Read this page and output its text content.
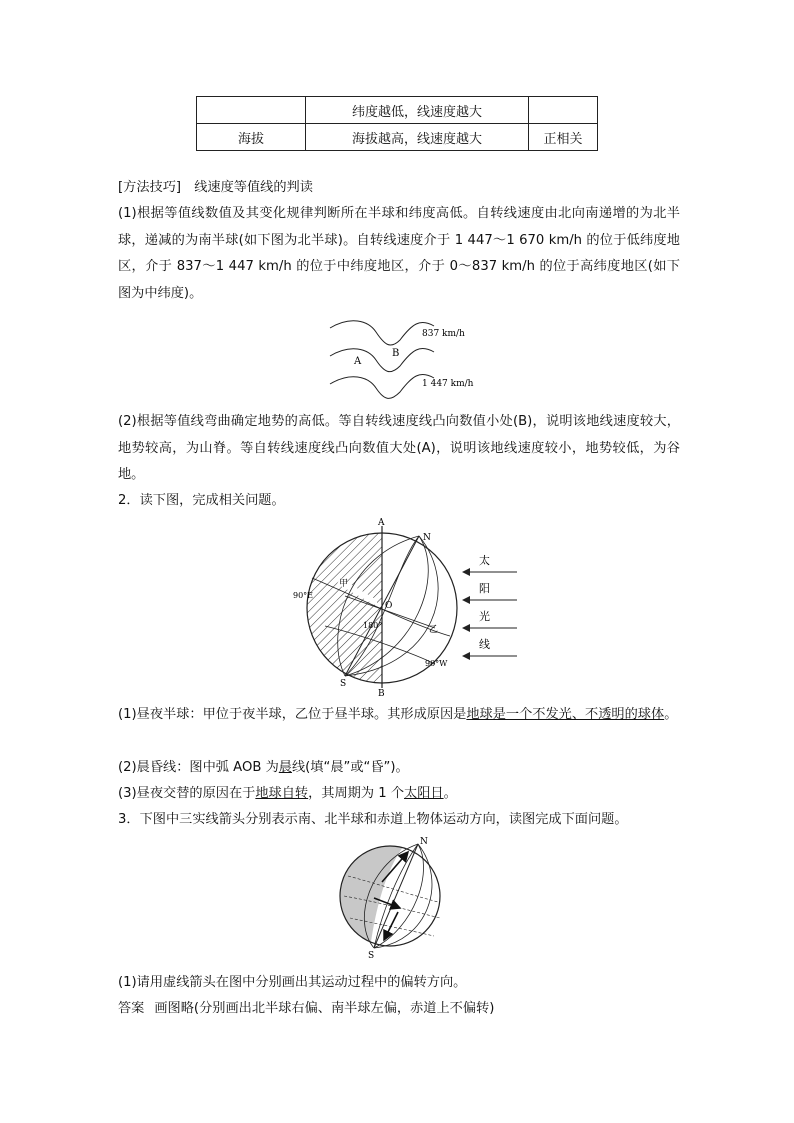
	纬度越低，线速度越大	
海拔	海拔越高，线速度越大	正相关

[方法技巧]　线速度等值线的判读

(1)根据等值线数值及其变化规律判断所在半球和纬度高低。自转线速度由北向南递增的为北半球，递减的为南半球(如下图为北半球)。自转线速度介于 1 447～1 670 km/h 的位于低纬度地区，介于 837～1 447 km/h 的位于中纬度地区，介于 0～837 km/h 的位于高纬度地区(如下图为中纬度)。

837 km/h
1 447 km/h
A
B

(2)根据等值线弯曲确定地势的高低。等自转线速度线凸向数值小处(B)，说明该地线速度较大，地势较高，为山脊。等自转线速度线凸向数值大处(A)，说明该地线速度较小，地势较低，为谷地。

2．读下图，完成相关问题。

A
B
N
S
O
甲
乙
90°E
180°
90°W
太
阳
光
线

(1)昼夜半球：甲位于夜半球，乙位于昼半球。其形成原因是地球是一个不发光、不透明的球体。

(2)晨昏线：图中弧 AOB 为晨线(填“晨”或“昏”)。

(3)昼夜交替的原因在于地球自转，其周期为 1 个太阳日。

3．下图中三实线箭头分别表示南、北半球和赤道上物体运动方向，读图完成下面问题。

N
S

(1)请用虚线箭头在图中分别画出其运动过程中的偏转方向。

答案 画图略(分别画出北半球右偏、南半球左偏，赤道上不偏转)
